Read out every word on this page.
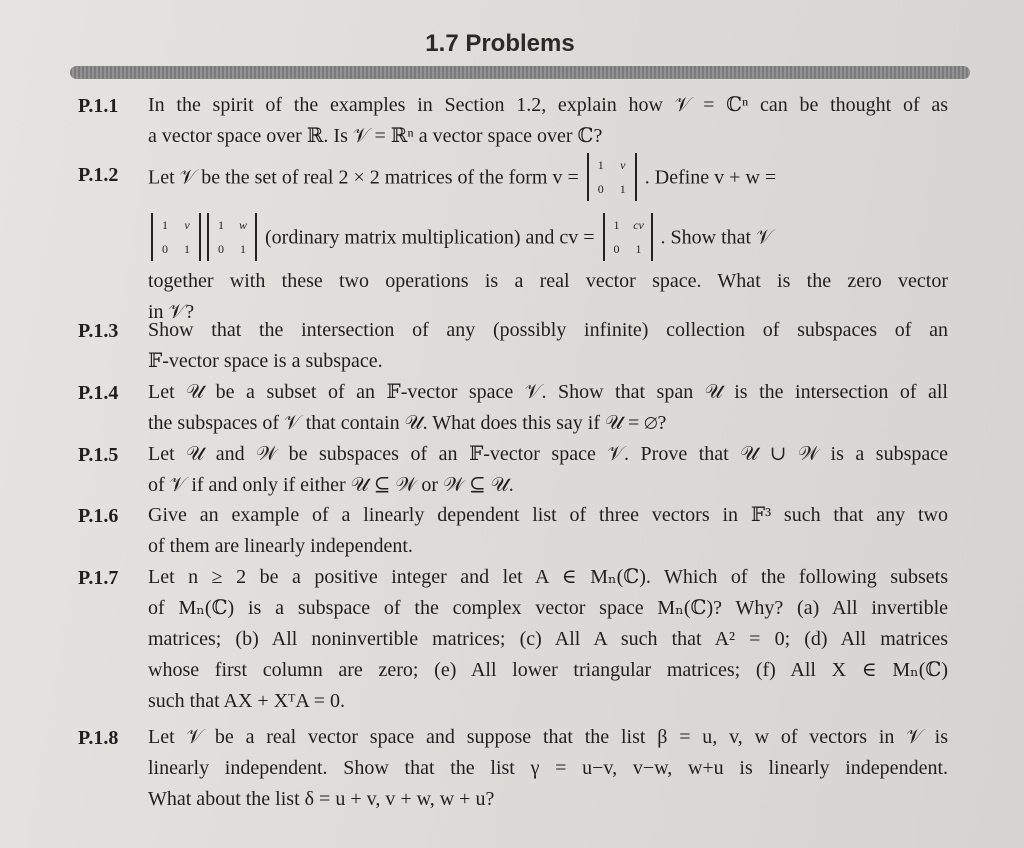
1.7 Problems
P.1.1 In the spirit of the examples in Section 1.2, explain how 𝒱 = ℂⁿ can be thought of as
a vector space over ℝ. Is 𝒱 = ℝⁿ a vector space over ℂ?
P.1.2 Let 𝒱 be the set of real 2 × 2 matrices of the form v =
1	v
0	1
. Define v + w =
1	v
0	1
1	w
0	1
(ordinary matrix multiplication) and cv =
1	cv
0	1
. Show that 𝒱
together with these two operations is a real vector space. What is the zero vector
in 𝒱?
P.1.3 Show that the intersection of any (possibly infinite) collection of subspaces of an
𝔽-vector space is a subspace.
P.1.4 Let 𝒰 be a subset of an 𝔽-vector space 𝒱. Show that span 𝒰 is the intersection of all
the subspaces of 𝒱 that contain 𝒰. What does this say if 𝒰 = ∅?
P.1.5 Let 𝒰 and 𝒲 be subspaces of an 𝔽-vector space 𝒱. Prove that 𝒰 ∪ 𝒲 is a subspace
of 𝒱 if and only if either 𝒰 ⊆ 𝒲 or 𝒲 ⊆ 𝒰.
P.1.6 Give an example of a linearly dependent list of three vectors in 𝔽³ such that any two
of them are linearly independent.
P.1.7 Let n ≥ 2 be a positive integer and let A ∈ Mₙ(ℂ). Which of the following subsets
of Mₙ(ℂ) is a subspace of the complex vector space Mₙ(ℂ)? Why? (a) All invertible
matrices; (b) All noninvertible matrices; (c) All A such that A² = 0; (d) All matrices
whose first column are zero; (e) All lower triangular matrices; (f) All X ∈ Mₙ(ℂ)
such that AX + XᵀA = 0.
P.1.8 Let 𝒱 be a real vector space and suppose that the list β = u, v, w of vectors in 𝒱 is
linearly independent. Show that the list γ = u−v, v−w, w+u is linearly independent.
What about the list δ = u + v, v + w, w + u?
